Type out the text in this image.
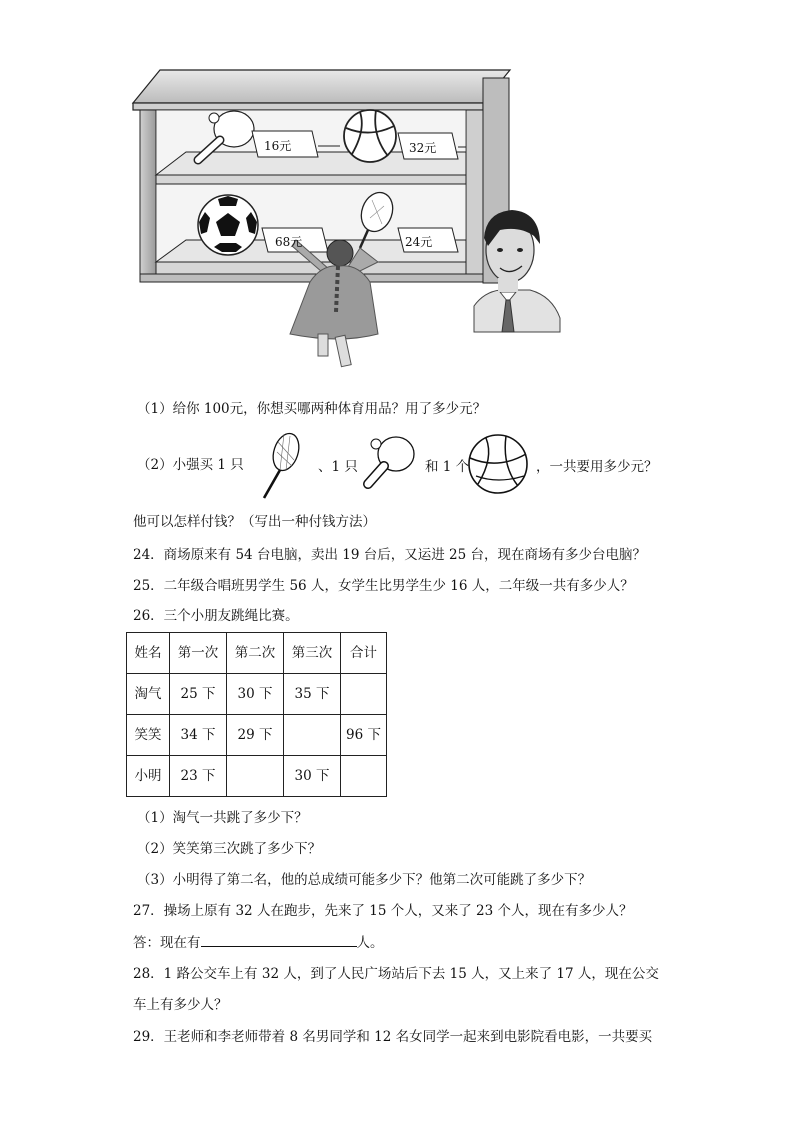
16元	32元
68元	24元
（1）给你 100元，你想买哪两种体育用品？用了多少元？
（2）小强买 1 只	、1 只	和 1 个	，一共要用多少元？
他可以怎样付钱？（写出一种付钱方法）
24．商场原来有 54 台电脑，卖出 19 台后，又运进 25 台，现在商场有多少台电脑？
25．二年级合唱班男学生 56 人，女学生比男学生少 16 人，二年级一共有多少人？
26．三个小朋友跳绳比赛。
姓名	第一次	第二次	第三次	合计
淘气	25 下	30 下	35 下	
笑笑	34 下	29 下		96 下
小明	23 下		30 下	
（1）淘气一共跳了多少下？
（2）笑笑第三次跳了多少下？
（3）小明得了第二名，他的总成绩可能多少下？他第二次可能跳了多少下？
27．操场上原有 32 人在跑步，先来了 15 个人，又来了 23 个人，现在有多少人？
答：现在有	人。
28．1 路公交车上有 32 人，到了人民广场站后下去 15 人，又上来了 17 人，现在公交
车上有多少人？
29．王老师和李老师带着 8 名男同学和 12 名女同学一起来到电影院看电影，一共要买
